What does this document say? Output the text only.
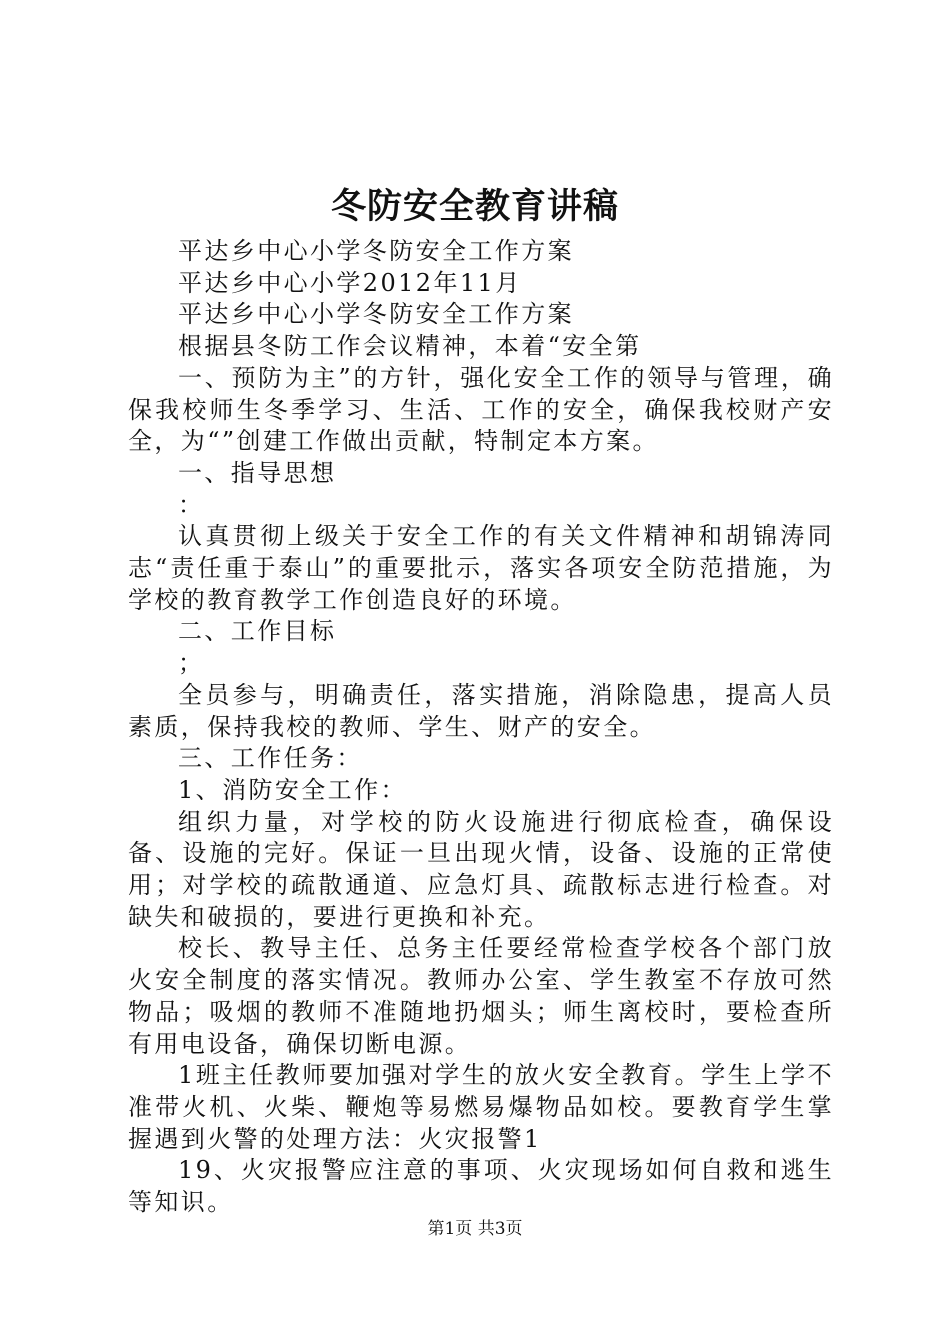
冬防安全教育讲稿

平达乡中心小学冬防安全工作方案

平达乡中心小学2012年11月

平达乡中心小学冬防安全工作方案

根据县冬防工作会议精神，本着“安全第

一、预防为主”的方针，强化安全工作的领导与管理，确保我校师生冬季学习、生活、工作的安全，确保我校财产安全，为“”创建工作做出贡献，特制定本方案。

一、指导思想

：

认真贯彻上级关于安全工作的有关文件精神和胡锦涛同志“责任重于泰山”的重要批示，落实各项安全防范措施，为学校的教育教学工作创造良好的环境。

二、工作目标

；

全员参与，明确责任，落实措施，消除隐患，提高人员素质，保持我校的教师、学生、财产的安全。

三、工作任务：

1、消防安全工作：

组织力量，对学校的防火设施进行彻底检查，确保设备、设施的完好。保证一旦出现火情，设备、设施的正常使用；对学校的疏散通道、应急灯具、疏散标志进行检查。对缺失和破损的，要进行更换和补充。

校长、教导主任、总务主任要经常检查学校各个部门放火安全制度的落实情况。教师办公室、学生教室不存放可然物品；吸烟的教师不准随地扔烟头；师生离校时，要检查所有用电设备，确保切断电源。

1班主任教师要加强对学生的放火安全教育。学生上学不准带火机、火柴、鞭炮等易燃易爆物品如校。要教育学生掌握遇到火警的处理方法：火灾报警1

19、火灾报警应注意的事项、火灾现场如何自救和逃生等知识。

第1页 共3页
